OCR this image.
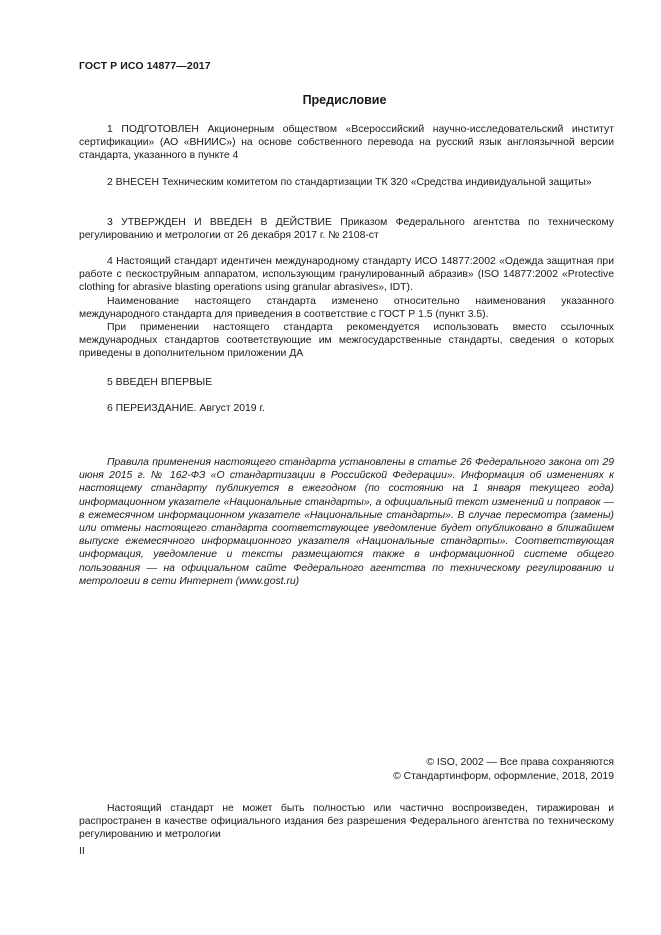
ГОСТ Р ИСО 14877—2017
Предисловие

1 ПОДГОТОВЛЕН Акционерным обществом «Всероссийский научно-исследовательский институт сертификации» (АО «ВНИИС») на основе собственного перевода на русский язык англоязычной версии стандарта, указанного в пункте 4

2 ВНЕСЕН Техническим комитетом по стандартизации ТК 320 «Средства индивидуальной защиты»

3 УТВЕРЖДЕН И ВВЕДЕН В ДЕЙСТВИЕ Приказом Федерального агентства по техническому регулированию и метрологии от 26 декабря 2017 г. № 2108-ст

4 Настоящий стандарт идентичен международному стандарту ИСО 14877:2002 «Одежда защитная при работе с пескоструйным аппаратом, использующим гранулированный абразив» (ISO 14877:2002 «Protective clothing for abrasive blasting operations using granular abrasives», IDT).

Наименование настоящего стандарта изменено относительно наименования указанного международного стандарта для приведения в соответствие с ГОСТ Р 1.5 (пункт 3.5).

При применении настоящего стандарта рекомендуется использовать вместо ссылочных международных стандартов соответствующие им межгосударственные стандарты, сведения о которых приведены в дополнительном приложении ДА

5 ВВЕДЕН ВПЕРВЫЕ

6 ПЕРЕИЗДАНИЕ. Август 2019 г.

Правила применения настоящего стандарта установлены в статье 26 Федерального закона от 29 июня 2015 г. № 162-ФЗ «О стандартизации в Российской Федерации». Информация об изменениях к настоящему стандарту публикуется в ежегодном (по состоянию на 1 января текущего года) информационном указателе «Национальные стандарты», а официальный текст изменений и поправок — в ежемесячном информационном указателе «Национальные стандарты». В случае пересмотра (замены) или отмены настоящего стандарта соответствующее уведомление будет опубликовано в ближайшем выпуске ежемесячного информационного указателя «Национальные стандарты». Соответствующая информация, уведомление и тексты размещаются также в информационной системе общего пользования — на официальном сайте Федерального агентства по техническому регулированию и метрологии в сети Интернет (www.gost.ru)

© ISO, 2002 — Все права сохраняются
© Стандартинформ, оформление, 2018, 2019

Настоящий стандарт не может быть полностью или частично воспроизведен, тиражирован и распространен в качестве официального издания без разрешения Федерального агентства по техническому регулированию и метрологии

II
